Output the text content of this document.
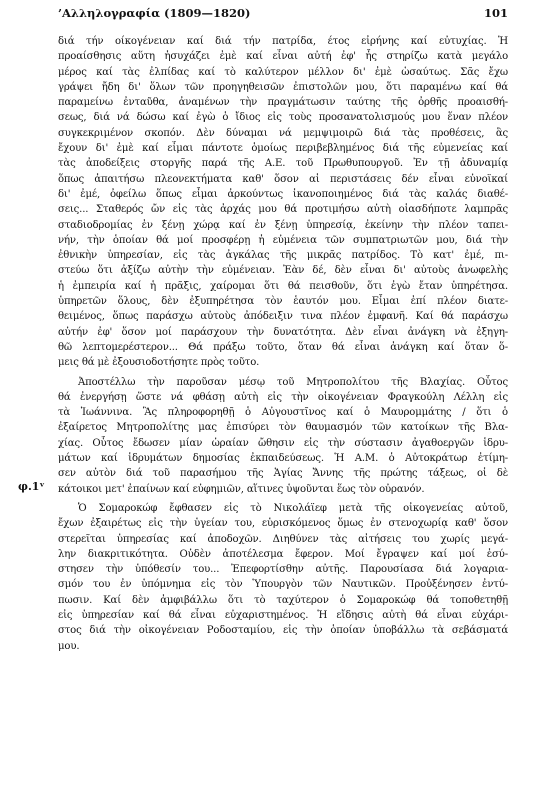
’Αλληλογραφία (1809—1820)	101
φ.1ᵛ
διά τήν οίκογένειαν καί διά τήν πατρίδα, έτος εἰρήνης καί εὐτυχίας. Ἡ
προαίσθησις αὕτη ἡσυχάζει ἐμὲ καί εἶναι αὐτή ἐφ' ἧς στηρίζω κατὰ μεγάλο
μέρος καί τὰς ἐλπίδας καί τὸ καλύτερον μέλλον δι' ἐμὲ ὡσαύτως. Σᾶς ἔχω
γράψει ἤδη δι' ὅλων τῶν προηγηθεισῶν ἐπιστολῶν μου, ὅτι παραμένω καί θά
παραμείνω ἐνταῦθα, ἀναμένων τὴν πραγμάτωσιν ταύτης τῆς ὀρθῆς προαισθή-
σεως, διά νά δώσω καί ἐγὼ ὁ ἴδιος εἰς τοὺς προσανατολισμούς μου ἕναν πλέον
συγκεκριμένον σκοπόν. Δὲν δύναμαι νά μεμψιμοιρῶ διά τὰς προθέσεις, ἃς
ἔχουν δι' ἐμὲ καί εἶμαι πάντοτε ὁμοίως περιβεβλημένος διά τῆς εὐμενείας καί
τὰς ἀποδείξεις στοργῆς παρά τῆς Α.Ε. τοῦ Πρωθυπουργοῦ. Ἐν τῇ ἀδυναμίᾳ
ὅπως ἀπαιτήσω πλεονεκτήματα καθ' ὅσον αἱ περιστάσεις δέν εἶναι εὐνοϊκαί
δι' ἐμέ, ὀφείλω ὅπως εἶμαι ἀρκούντως ἱκανοποιημένος διά τὰς καλάς διαθέ-
σεις... Σταθερός ὤν εἰς τὰς ἀρχάς μου θά προτιμήσω αὐτὴ οἱασδήποτε λαμπρᾶς
σταδιοδρομίας ἐν ξένῃ χώρᾳ καί ἐν ξένῃ ὑπηρεσίᾳ, ἐκείνην τὴν πλέον ταπει-
νήν, τὴν ὁποίαν θά μοί προσφέρῃ ἡ εὐμένεια τῶν συμπατριωτῶν μου, διά τὴν
ἐθνικὴν ὑπηρεσίαν, εἰς τὰς ἀγκάλας τῆς μικρᾶς πατρίδος. Τὸ κατ' ἐμέ, πι-
στεύω ὅτι ἀξίζω αὐτὴν τὴν εὐμένειαν. Ἐὰν δέ, δὲν εἶναι δι' αὐτοὺς ἀνωφελὴς
ἡ ἐμπειρία καί ἡ πρᾶξις, χαίρομαι ὅτι θά πεισθοῦν, ὅτι ἐγὼ ἔταν ὑπηρέτησα.
ὑπηρετῶν ὅλους, δὲν ἐξυπηρέτησα τὸν ἑαυτόν μου. Εἶμαι ἐπί πλέον διατε-
θειμένος, ὅπως παράσχω αὐτοὺς ἀπόδειξιν τινα πλέον ἐμφανῆ. Καί θά παράσχω
αὐτήν ἐφ' ὅσον μοί παράσχουν τὴν δυνατότητα. Δὲν εἶναι ἀνάγκη νὰ ἐξηγη-
θῶ λεπτομερέστερον... Θά πράξω τοῦτο, ὅταν θά εἶναι ἀνάγκη καί ὅταν ὅ-
μεις θά μὲ ἐξουσιοδοτήσητε πρὸς τοῦτο.
Ἀποστέλλω τὴν παροῦσαν μέσῳ τοῦ Μητροπολίτου τῆς Βλαχίας. Οὗτος
θά ἐνεργήσῃ ὥστε νά φθάσῃ αὐτὴ εἰς τὴν οἰκογένειαν Φραγκούλη Λέλλη εἰς
τὰ Ἰωάννινα. Ἂς πληροφορηθῇ ὁ Αὐγουστῖνος καί ὁ Μαυρομμάτης / ὅτι ὁ
ἐξαίρετος Μητροπολίτης μας ἐπισύρει τὸν θαυμασμόν τῶν κατοίκων τῆς Βλα-
χίας. Οὗτος ἔδωσεν μίαν ὡραίαν ὤθησιν εἰς τὴν σύστασιν ἀγαθοεργῶν ἱδρυ-
μάτων καί ἱδρυμάτων δημοσίας ἐκπαιδεύσεως. Ἡ Α.Μ. ὁ Αὐτοκράτωρ ἐτίμη-
σεν αὐτὸν διά τοῦ παρασήμου τῆς Ἁγίας Ἄννης τῆς πρώτης τάξεως, οἱ δὲ
κάτοικοι μετ' ἐπαίνων καί εὐφημιῶν, αἵτινες ὑψοῦνται ἕως τὸν οὐρανόν.
Ὁ Σομαροκώφ ἔφθασεν εἰς τὸ Νικολάϊεφ μετὰ τῆς οἰκογενείας αὐτοῦ,
ἔχων ἐξαιρέτως εἰς τὴν ὑγείαν του, εὑρισκόμενος ὅμως ἐν στενοχωρίᾳ καθ' ὅσον
στερεῖται ὑπηρεσίας καί ἀποδοχῶν. Διηθύνεν τὰς αἰτήσεις του χωρίς μεγά-
λην διακριτικότητα. Οὐδὲν ἀποτέλεσμα ἔφερον. Μοί ἔγραψεν καί μοί ἐσύ-
στησεν τὴν ὑπόθεσίν του... Ἐπεφορτίσθην αὐτῆς. Παρουσίασα διά λογαρια-
σμόν του ἐν ὑπόμνημα εἰς τὸν Ὑπουργὸν τῶν Ναυτικῶν. Προὐξένησεν ἐντύ-
πωσιν. Καί δὲν ἀμφιβάλλω ὅτι τὸ ταχύτερον ὁ Σομαροκώφ θά τοποθετηθῇ
εἰς ὑπηρεσίαν καί θά εἶναι εὐχαριστημένος. Ἡ εἴδησις αὐτὴ θά εἶναι εὐχάρι-
στος διά τὴν οἰκογένειαν Ροδοσταμίου, εἰς τὴν ὁποίαν ὑποβάλλω τὰ σεβάσματά
μου.
